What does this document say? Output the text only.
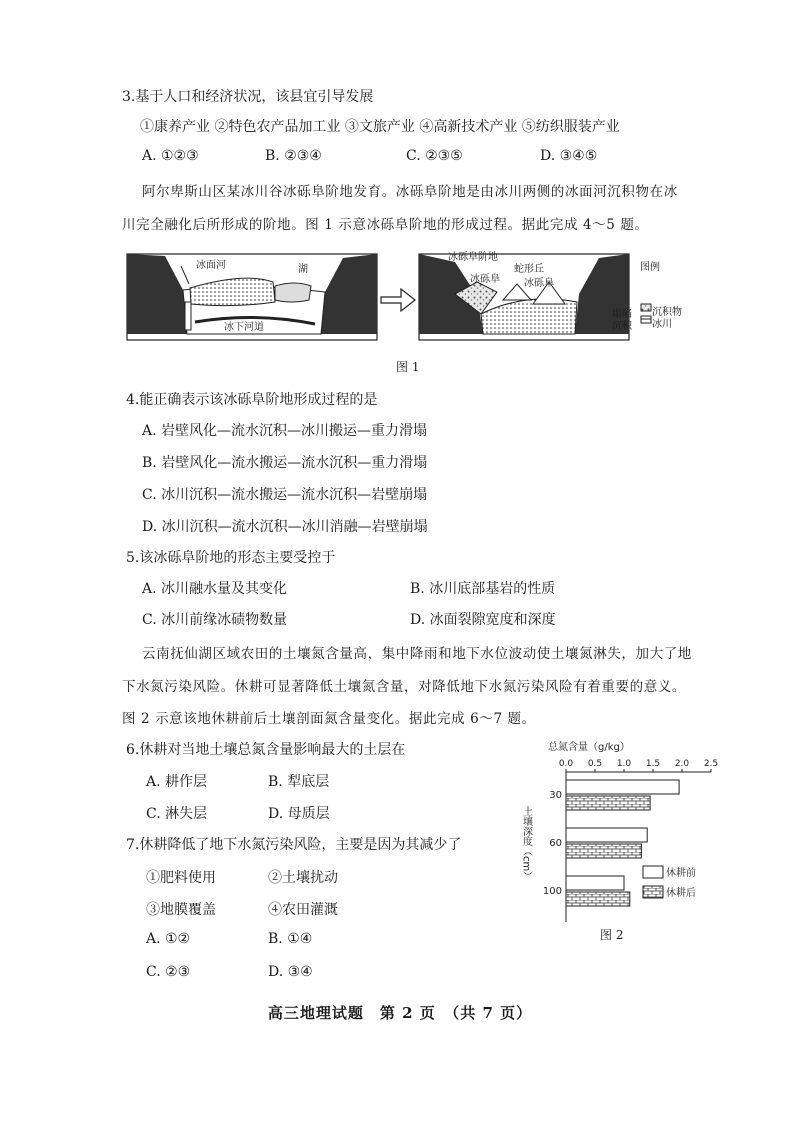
3.基于人口和经济状况，该县宜引导发展
①康养产业 ②特色农产品加工业 ③文旅产业 ④高新技术产业 ⑤纺织服装产业
A. ①②③	B. ②③④	C. ②③⑤	D. ③④⑤
阿尔卑斯山区某冰川谷冰砾阜阶地发育。冰砾阜阶地是由冰川两侧的冰面河沉积物在冰
川完全融化后所形成的阶地。图 1 示意冰砾阜阶地的形成过程。据此完成 4～5 题。
冰面河	湖
冰下河道
冰砾阜阶地
蛇形丘
冰砾阜 冰砾阜
图例
沉积物
冰川
塌陷
沉积
图 1
4.能正确表示该冰砾阜阶地形成过程的是
A. 岩壁风化—流水沉积—冰川搬运—重力滑塌
B. 岩壁风化—流水搬运—流水沉积—重力滑塌
C. 冰川沉积—流水搬运—流水沉积—岩壁崩塌
D. 冰川沉积—流水沉积—冰川消融—岩壁崩塌
5.该冰砾阜阶地的形态主要受控于
A. 冰川融水量及其变化	B. 冰川底部基岩的性质
C. 冰川前缘冰碛物数量	D. 冰面裂隙宽度和深度
云南抚仙湖区域农田的土壤氮含量高，集中降雨和地下水位波动使土壤氮淋失，加大了地
下水氮污染风险。休耕可显著降低土壤氮含量，对降低地下水氮污染风险有着重要的意义。
图 2 示意该地休耕前后土壤剖面氮含量变化。据此完成 6～7 题。
6.休耕对当地土壤总氮含量影响最大的土层在
A. 耕作层	B. 犁底层
C. 淋失层	D. 母质层
7.休耕降低了地下水氮污染风险，主要是因为其减少了
①肥料使用	②土壤扰动
③地膜覆盖	④农田灌溉
A. ①②	B. ①④
C. ②③	D. ③④
总氮含量（g/kg）
0.0 0.5 1.0 1.5 2.0 2.5
30
60
100
土壤深度（cm）	休耕前
休耕后
图 2
高三地理试题　第 2 页　（共 7 页）
